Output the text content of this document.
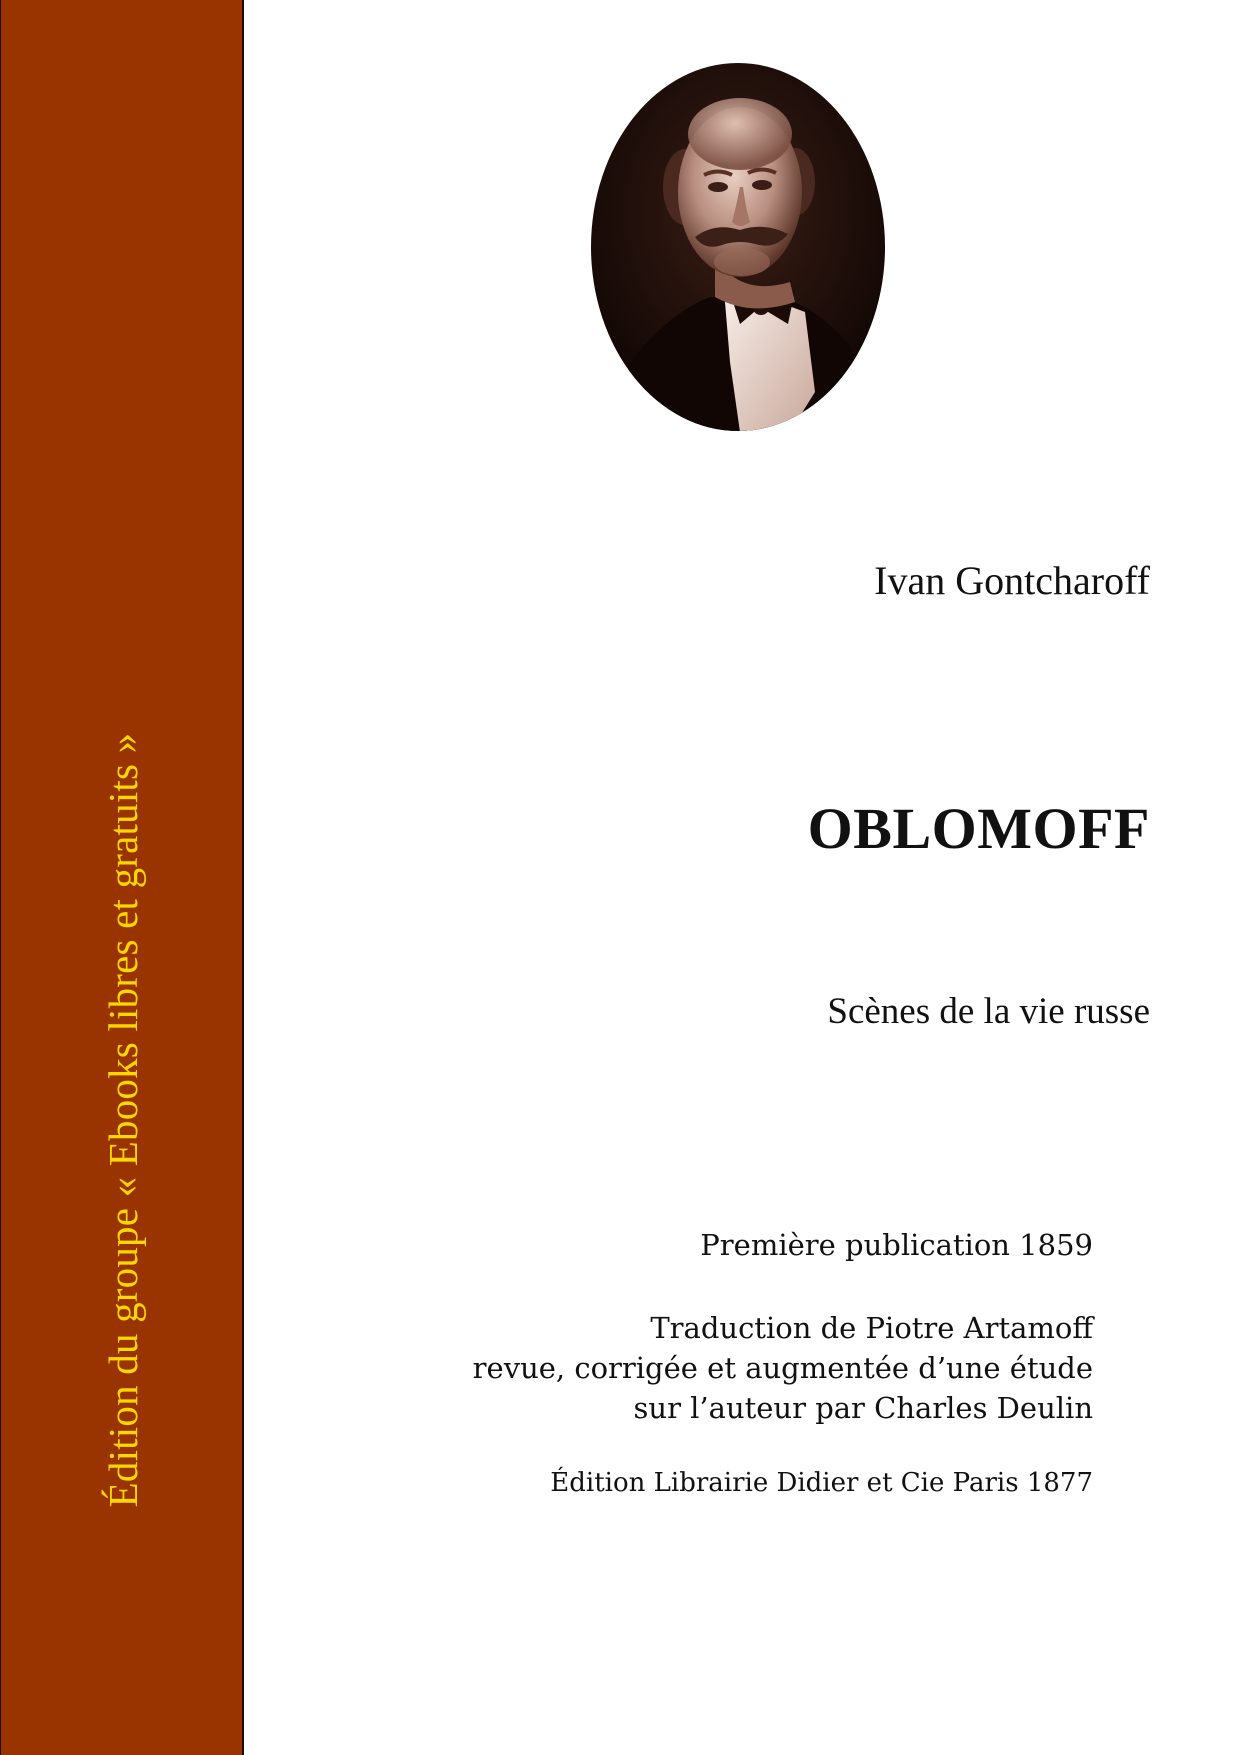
Édition du groupe « Ebooks libres et gratuits »
Ivan Gontcharoff
OBLOMOFF
Scènes de la vie russe
Première publication 1859
Traduction de Piotre Artamoff
revue, corrigée et augmentée d’une étude
sur l’auteur par Charles Deulin
Édition Librairie Didier et Cie Paris 1877
